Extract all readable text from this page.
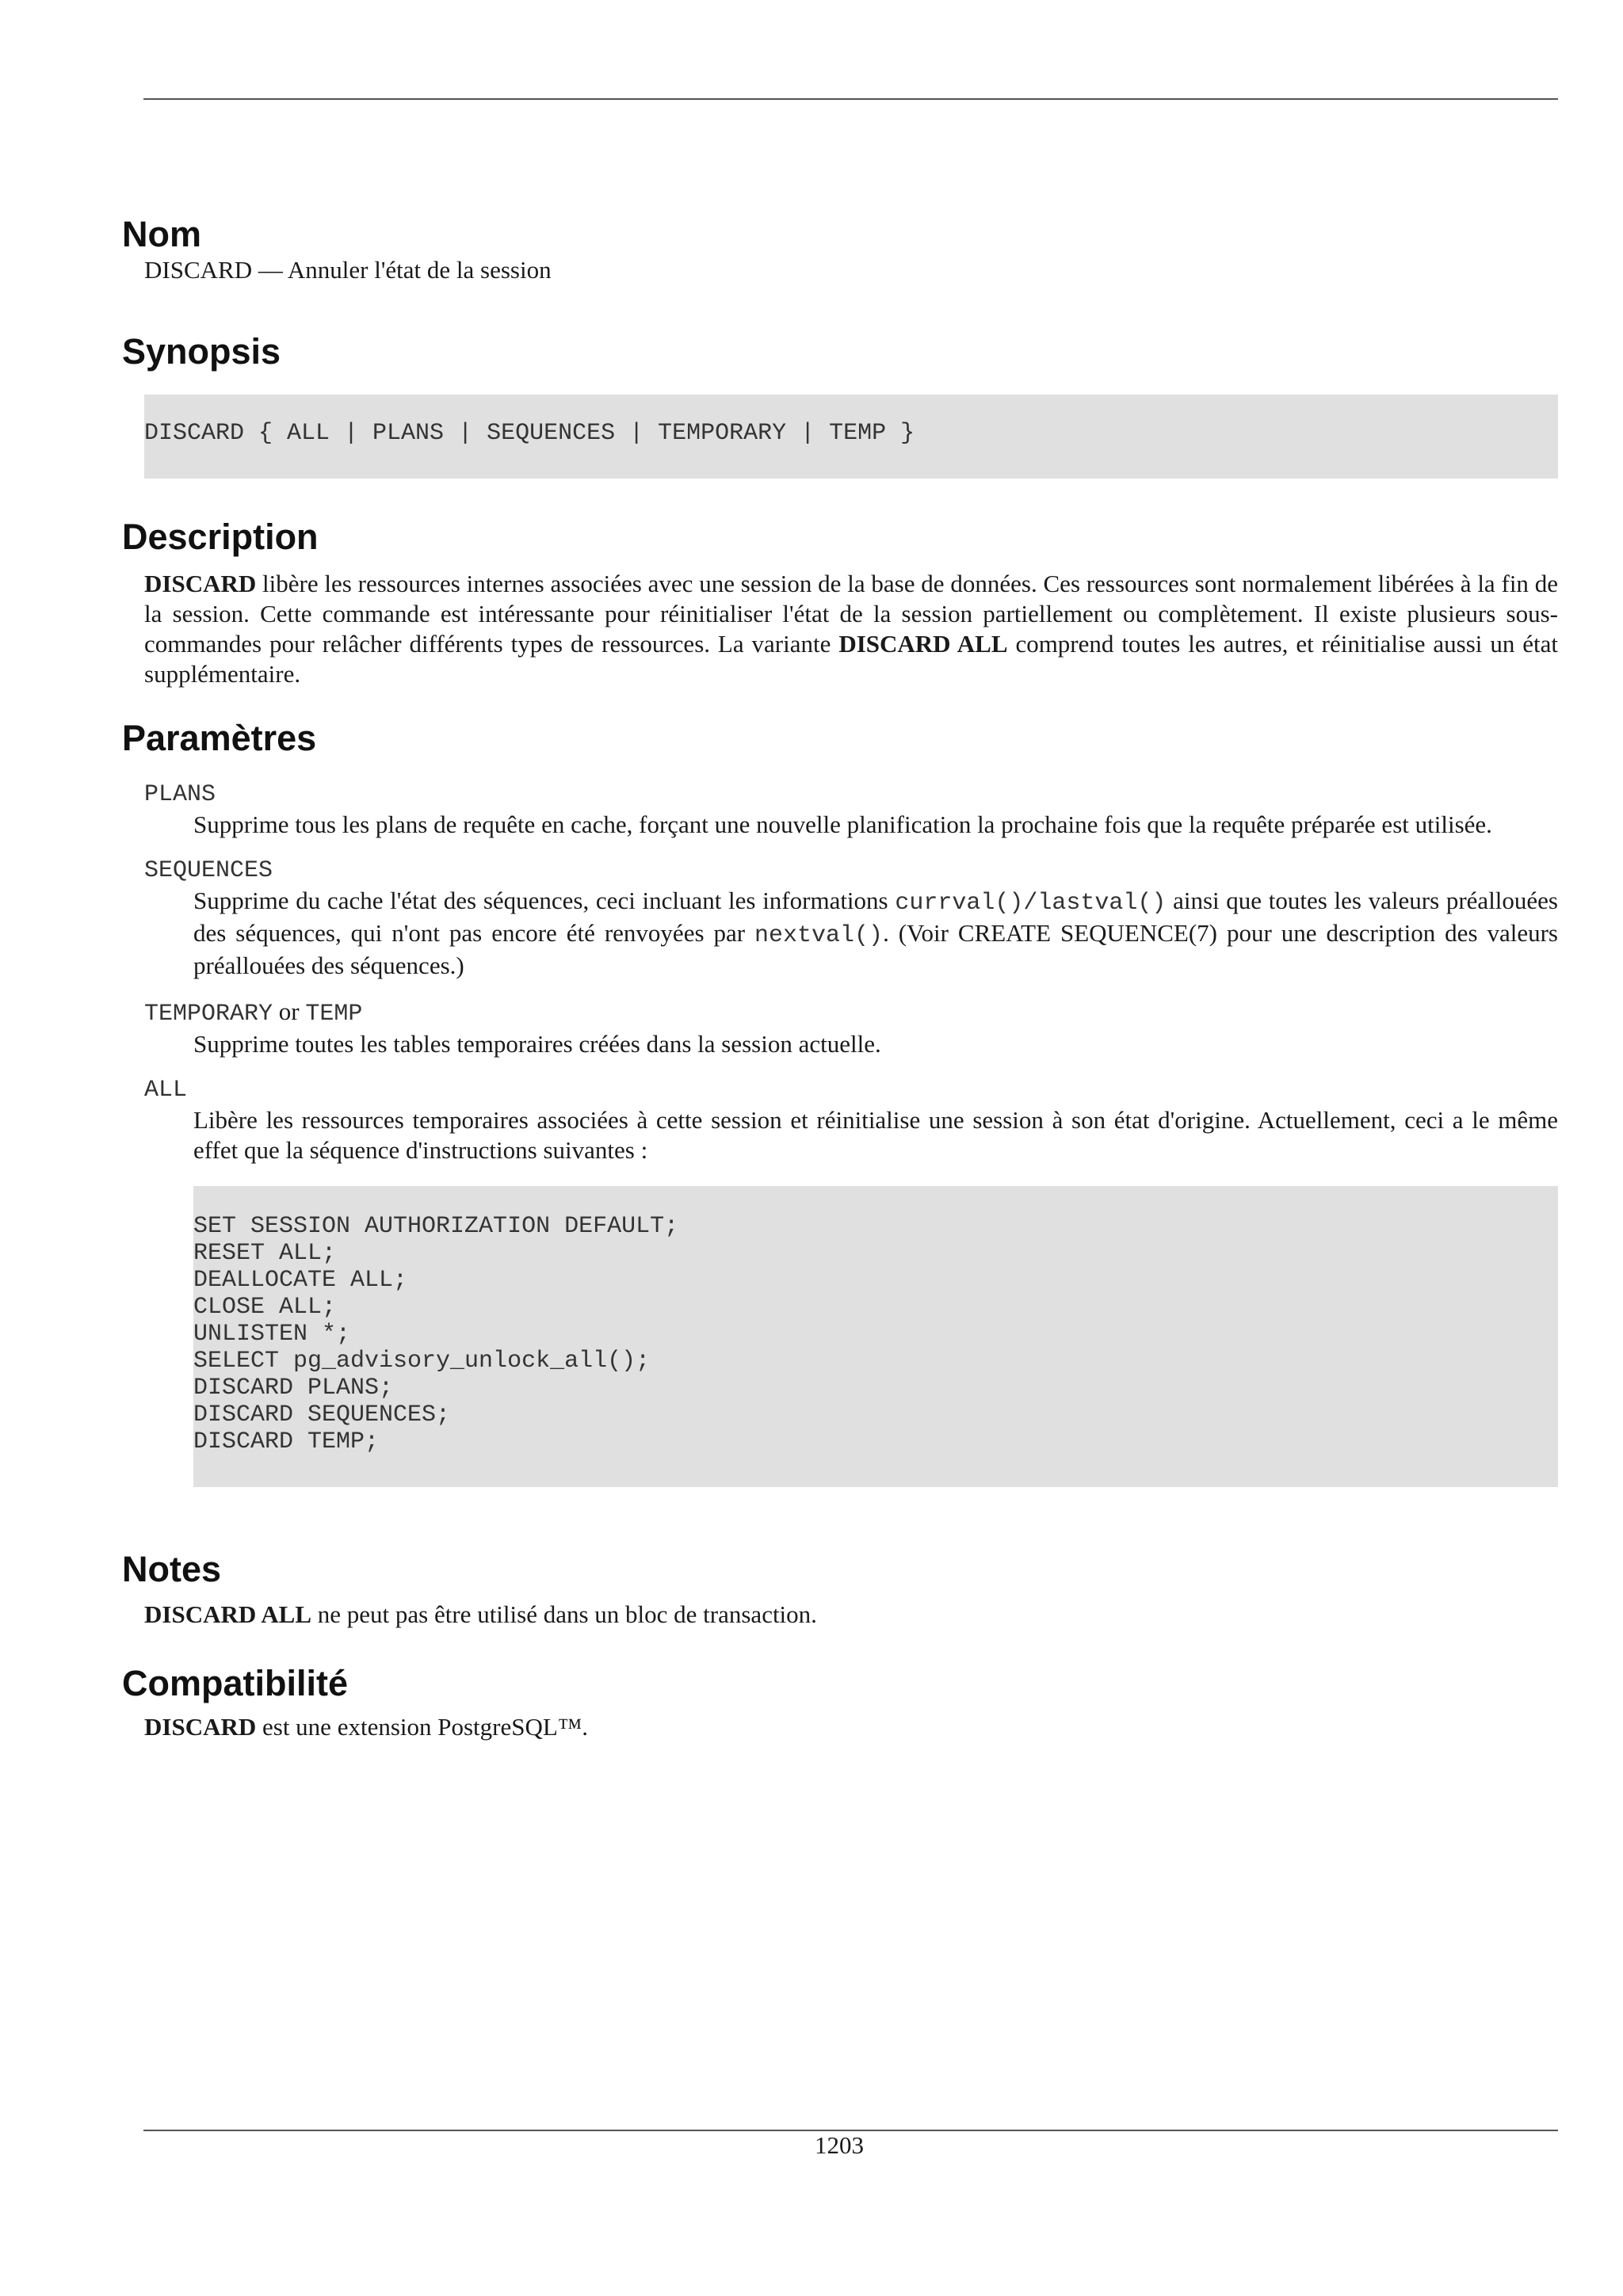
Nom

DISCARD — Annuler l'état de la session

Synopsis
DISCARD { ALL | PLANS | SEQUENCES | TEMPORARY | TEMP }
Description

DISCARD libère les ressources internes associées avec une session de la base de données. Ces ressources sont normalement libérées à la fin de la session. Cette commande est intéressante pour réinitialiser l'état de la session partiellement ou complètement. Il existe plusieurs sous-commandes pour relâcher différents types de ressources. La variante DISCARD ALL comprend toutes les autres, et réinitialise aussi un état supplémentaire.

Paramètres
PLANS

Supprime tous les plans de requête en cache, forçant une nouvelle planification la prochaine fois que la requête préparée est utilisée.

SEQUENCES

Supprime du cache l'état des séquences, ceci incluant les informations currval()/lastval() ainsi que toutes les valeurs préallouées des séquences, qui n'ont pas encore été renvoyées par nextval(). (Voir CREATE SEQUENCE(7) pour une description des valeurs préallouées des séquences.)

TEMPORARY or TEMP

Supprime toutes les tables temporaires créées dans la session actuelle.

ALL

Libère les ressources temporaires associées à cette session et réinitialise une session à son état d'origine. Actuellement, ceci a le même effet que la séquence d'instructions suivantes :

SET SESSION AUTHORIZATION DEFAULT;
RESET ALL;
DEALLOCATE ALL;
CLOSE ALL;
UNLISTEN *;
SELECT pg_advisory_unlock_all();
DISCARD PLANS;
DISCARD SEQUENCES;
DISCARD TEMP;
Notes

DISCARD ALL ne peut pas être utilisé dans un bloc de transaction.

Compatibilité

DISCARD est une extension PostgreSQL™.

1203
